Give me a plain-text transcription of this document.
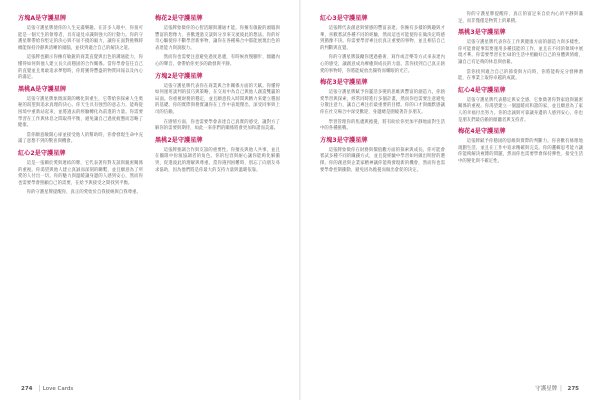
方塊A是守護星牌

這張守護星牌使你的人生充滿樂趣。在許多人眼中，你很可能是一個天生的領導者，具有遠見卓識與強大的行動力。你的守護星牌帶給你堅定的決心與不屈不撓的毅力，讓你在面對挑戰時總能保持冷靜與清晰的頭腦，並找到適合自己的解決之道。

這張牌也顯示你擁有敏銳的商業直覺與出色的溝通能力，你懂得如何與他人建立長久而穩固的合作關係。當你學會信任自己的直覺並且勇敢追求夢想時，你將獲得豐盛的物質回報以及內心的滿足。

黑桃A是守護星牌

這張守護星牌象徵深刻的轉化與重生，它帶給你探索人生奧秘的渴望與追求真理的決心。你天生具有強烈的意志力，能夠從困境中重新站起來，並將過去的經驗轉化為前進的力量。你需要學習在工作與休息之間取得平衡，避免讓自己過度疲憊而忽略了健康。

當你願意敞開心扉並接受他人的幫助時，你會發現生命中充滿了意想不到的驚喜與機會。

紅心2是守護星牌

這是一張關於愛與連結的牌，它代表著你對友誼與親密關係的重視。你渴望與他人建立真誠而深刻的聯繫，並且願意為了所愛的人付出一切。你的魅力與溫暖讓身邊的人感到安心，然而你也需要學會照顧自己的需要，在給予與接受之間找到平衡。

你的守護星牌提醒你，真正的愛始於自我接納與自我尊重。

梅花2是守護星牌

這張牌象徵你的心智活躍與溝通才能。你擁有敏銳的頭腦與豐富的想像力，喜歡透過交談與分享來交流彼此的想法。你的好奇心驅使你不斷學習新事物，讓你在各種場合中都能展現出色的表達能力與說服力。

然而你也需要注意避免過度思慮，有時候放慢腳步、傾聽內心的聲音，會帶給你更多的啟發與平靜。

方塊2是守護星牌

這張守護星牌代表你在商業與合作關係方面的天賦。你懂得如何運用談判的技巧與策略，在交易中為自己與他人創造雙贏的局面。你重視財務的穩定，並且願意投入時間與精力來建立穩固的基礎。你的實際與務實讓你在工作中表現傑出，深受同事與上司的信賴。

在感情方面，你也需要學會表達自己真實的感受，讓對方了解你的需要與期待，如此一來你們的關係將會更加和諧而美滿。

黑桃2是守護星牌

這張牌強調合作與友誼的重要性。你擅長與他人共事，並且在團隊中扮演協調者的角色。你的包容與耐心讓你能夠化解衝突，促進彼此的理解與尊重。當你遇到困難時，別忘了向朋友尋求協助，因為他們將是你最大的支持力量與溫暖依靠。

274 │ Love Cards
紅心3是守護星牌

這張牌代表創意與情感的豐富表達。你擁有多樣的興趣與才華，喜歡嘗試各種不同的經驗，然而這也可能使你在做決定時感到猶豫不決。你需要學習專注於真正重要的事物，並且相信自己的判斷與直覺。

你的守護星牌鼓勵你透過藝術、寫作或音樂等方式來表達內心的感受，讓創意成為療癒與成長的力量。當你找到自己真正熱愛的事物時，你將能綻放出獨特而耀眼的光芒。

梅花3是守護星牌

這張守護星牌賦予你靈活多變的思維與豐富的創造力。你熱愛學習與探索，經常同時進行多個計畫，然而你也需要注意避免分散注意力，讓自己專注於最重要的目標。你的口才與幽默感讓你在社交場合中深受歡迎，身邊總是圍繞著許多朋友。

學習管理你的焦慮與擔憂，將有助於你更加平靜地面對生活中的各種挑戰。

方塊3是守護星牌

這張牌象徵你在財務與價值觀方面的探索與成長。你可能會嘗試多種不同的賺錢方式，並且從經驗中學習如何做出明智的選擇。你的創意與企業家精神讓你能夠發現新的機會，然而你也需要學會控制衝動，避免因為擔憂而做出倉促的決定。

你的守護星牌提醒你，真正的富足來自於內心的平靜與滿足，而非僅僅是物質上的累積。

黑桃3是守護星牌

這張守護星牌代表你在工作與健康方面的創造力與多樣性。你可能會從事需要運用多種技能的工作，並且在不同的領域中展現才華。你需要學習在忙碌的生活中照顧好自己的身體與情緒，讓自己有足夠的休息與放鬆。

當你找到適合自己的節奏與方向時，你將能夠充分發揮潛能，在事業上取得卓越的成就。

紅心4是守護星牌

這張守護星牌代表穩定與安全感，它象徵著你對家庭與親密關係的重視。你渴望建立一個溫暖而和諧的家，並且願意為了家人的幸福付出努力。你的忠誠與可靠讓身邊的人感到安心，你也是朋友們最信賴的傾聽者與支持者。

梅花4是守護星牌

這張牌賦予你穩固的思維與實際的判斷力。你喜歡有條理地規劃生活，並且在工作中追求精確與完美。你的邏輯思考能力讓你能夠解決複雜的問題，然而你也需要學會保持彈性，接受生活中的變化與不確定性。

守護星牌 │ 275
